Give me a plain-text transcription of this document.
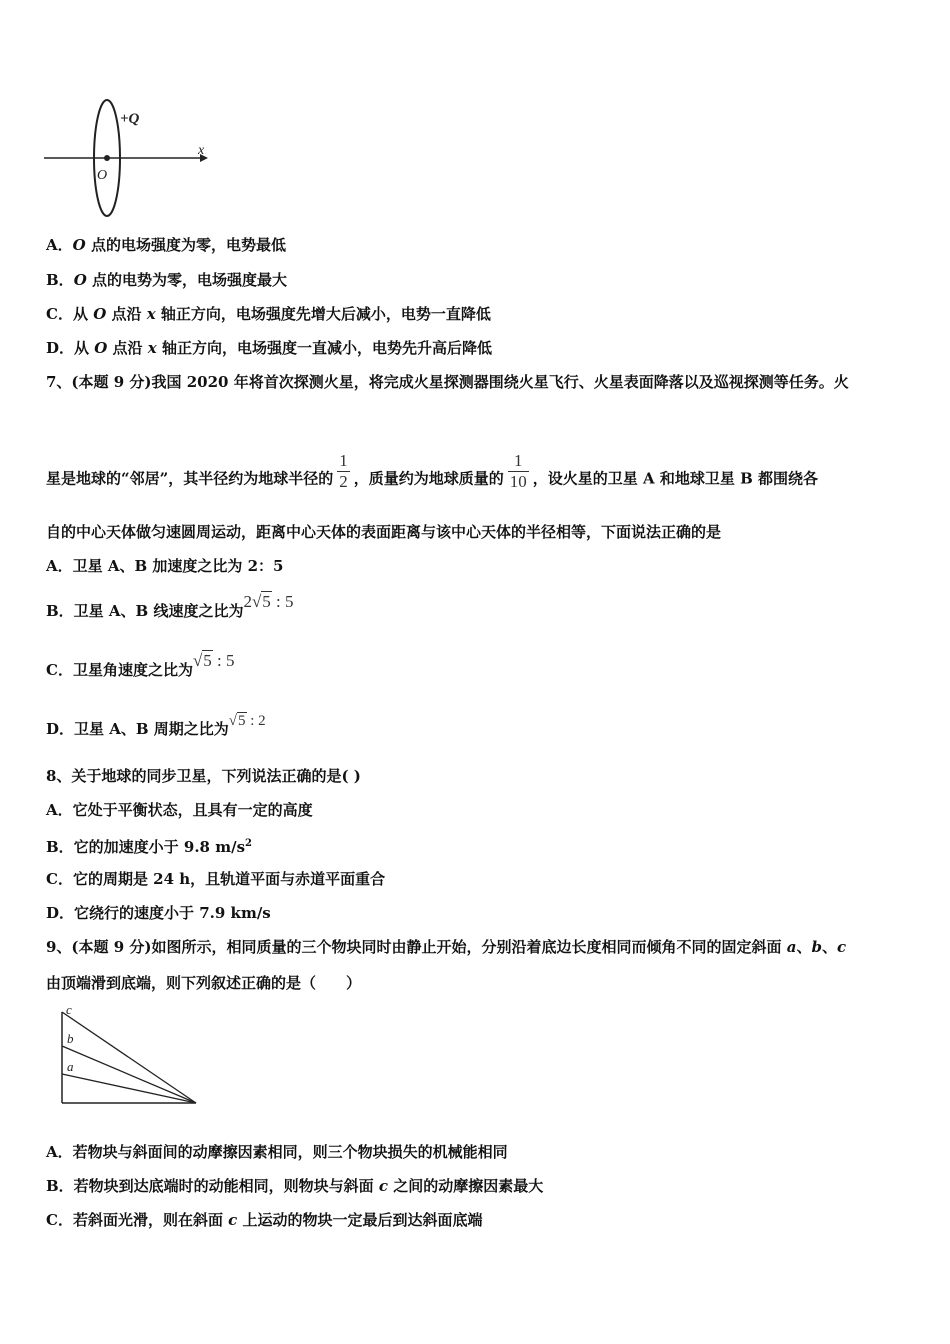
+Q
O
x
A．O 点的电场强度为零，电势最低
B．O 点的电势为零，电场强度最大
C．从 O 点沿 x 轴正方向，电场强度先增大后减小，电势一直降低
D．从 O 点沿 x 轴正方向，电场强度一直减小，电势先升高后降低
7、(本题 9 分)我国 2020 年将首次探测火星，将完成火星探测器围绕火星飞行、火星表面降落以及巡视探测等任务。火
星是地球的“邻居”，其半径约为地球半径的 $\frac{1}{2}$ ，质量约为地球质量的 $\frac{1}{10}$ ，设火星的卫星 A 和地球卫星 B 都围绕各
自的中心天体做匀速圆周运动，距离中心天体的表面距离与该中心天体的半径相等，下面说法正确的是
A．卫星 A、B 加速度之比为 2：5
B．卫星 A、B 线速度之比为2√5 : 5
C．卫星角速度之比为√5 : 5
D．卫星 A、B 周期之比为√5 : 2
8、关于地球的同步卫星，下列说法正确的是( )
A．它处于平衡状态，且具有一定的高度
B．它的加速度小于 9.8 $m/s^2$
C．它的周期是 24 h，且轨道平面与赤道平面重合
D．它绕行的速度小于 7.9 km/s
9、(本题 9 分)如图所示，相同质量的三个物块同时由静止开始，分别沿着底边长度相同而倾角不同的固定斜面 a、b、c
由顶端滑到底端，则下列叙述正确的是（　　）
c
b
a
A．若物块与斜面间的动摩擦因素相同，则三个物块损失的机械能相同
B．若物块到达底端时的动能相同，则物块与斜面 c 之间的动摩擦因素最大
C．若斜面光滑，则在斜面 c 上运动的物块一定最后到达斜面底端
